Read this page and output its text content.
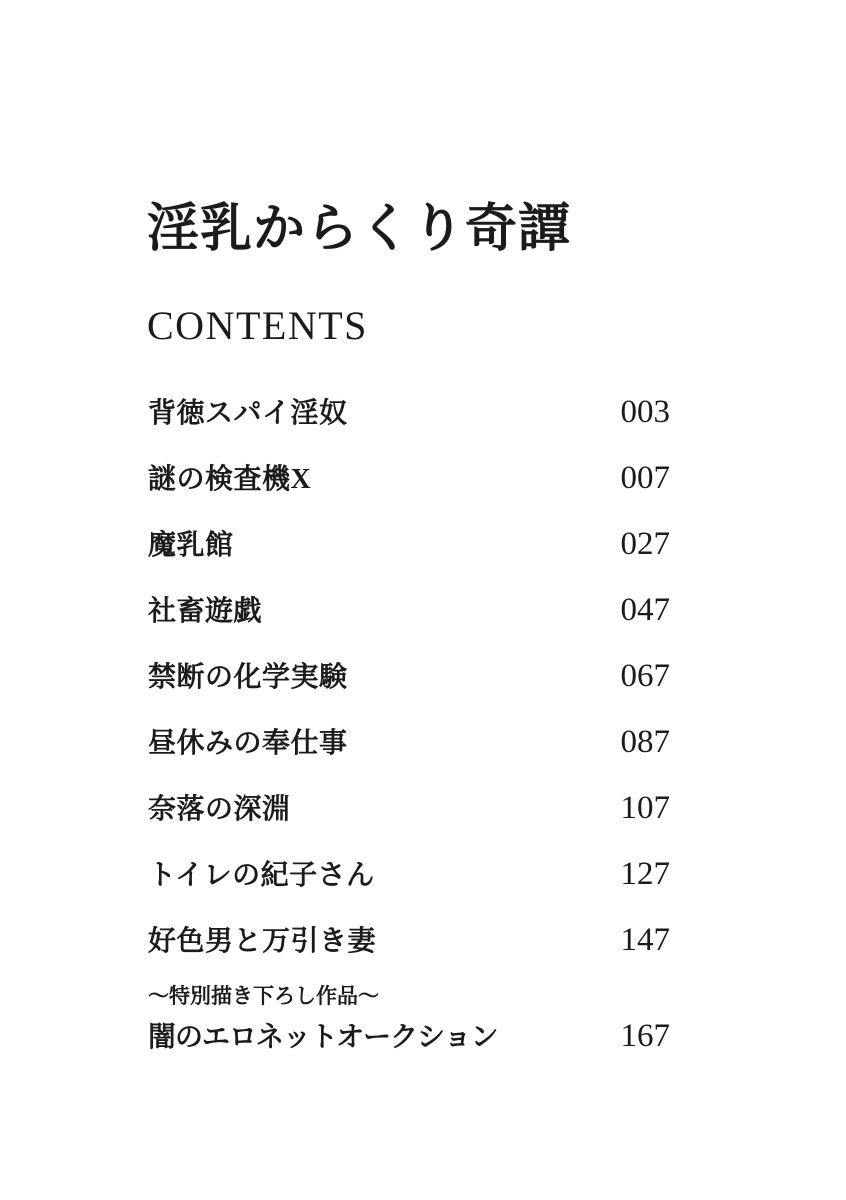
淫乳からくり奇譚
CONTENTS
背徳スパイ淫奴	003
謎の検査機X	007
魔乳館	027
社畜遊戯	047
禁断の化学実験	067
昼休みの奉仕事	087
奈落の深淵	107
トイレの紀子さん	127
好色男と万引き妻	147
～特別描き下ろし作品～
闇のエロネットオークション	167
